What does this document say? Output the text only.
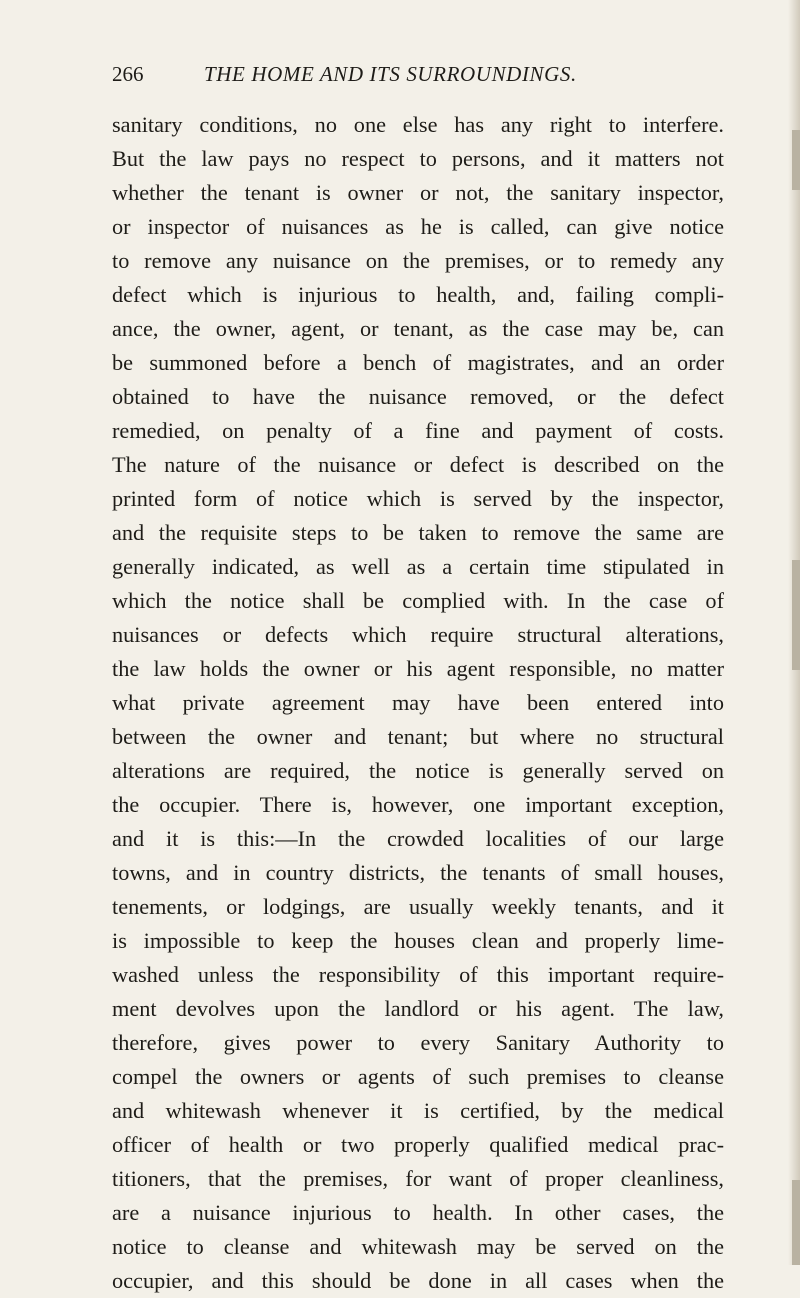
266	THE HOME AND ITS SURROUNDINGS.
sanitary conditions, no one else has any right to interfere.
But the law pays no respect to persons, and it matters not
whether the tenant is owner or not, the sanitary inspector,
or inspector of nuisances as he is called, can give notice
to remove any nuisance on the premises, or to remedy any
defect which is injurious to health, and, failing compli-
ance, the owner, agent, or tenant, as the case may be, can
be summoned before a bench of magistrates, and an order
obtained to have the nuisance removed, or the defect
remedied, on penalty of a fine and payment of costs.
The nature of the nuisance or defect is described on the
printed form of notice which is served by the inspector,
and the requisite steps to be taken to remove the same are
generally indicated, as well as a certain time stipulated in
which the notice shall be complied with. In the case of
nuisances or defects which require structural alterations,
the law holds the owner or his agent responsible, no matter
what private agreement may have been entered into
between the owner and tenant; but where no structural
alterations are required, the notice is generally served on
the occupier. There is, however, one important exception,
and it is this:—In the crowded localities of our large
towns, and in country districts, the tenants of small houses,
tenements, or lodgings, are usually weekly tenants, and it
is impossible to keep the houses clean and properly lime-
washed unless the responsibility of this important require-
ment devolves upon the landlord or his agent. The law,
therefore, gives power to every Sanitary Authority to
compel the owners or agents of such premises to cleanse
and whitewash whenever it is certified, by the medical
officer of health or two properly qualified medical prac-
titioners, that the premises, for want of proper cleanliness,
are a nuisance injurious to health. In other cases, the
notice to cleanse and whitewash may be served on the
occupier, and this should be done in all cases when the
